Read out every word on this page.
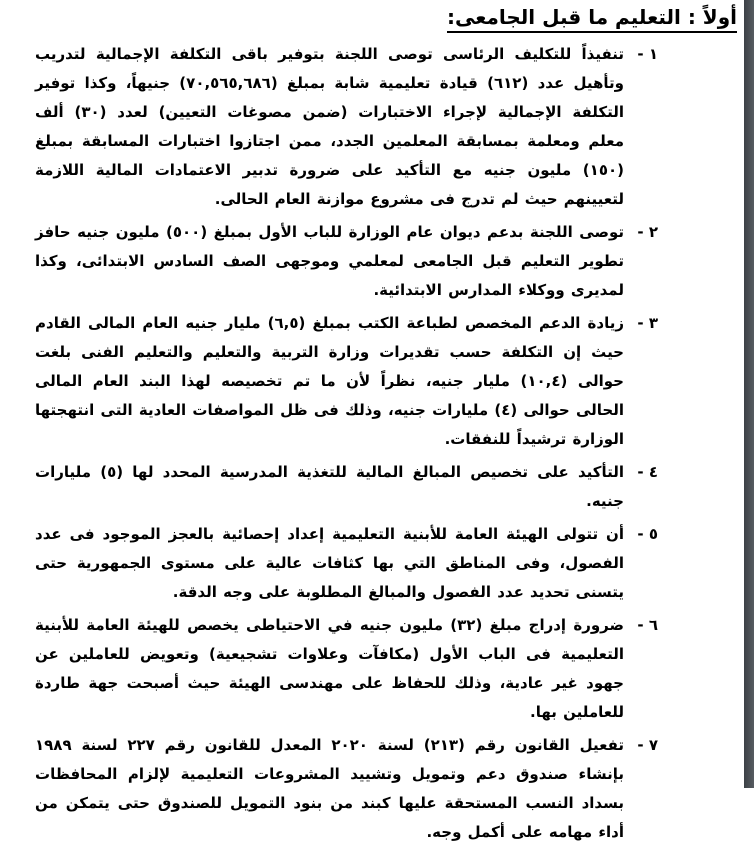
أولاً : التعليم ما قبل الجامعى:
١ -
تنفيذاً للتكليف الرئاسى توصى اللجنة بتوفير باقى التكلفة الإجمالية لتدريب وتأهيل عدد (٦١٢) قيادة تعليمية شابة بمبلغ (٧٠,٥٦٥,٦٨٦) جنيهاً، وكذا توفير التكلفة الإجمالية لإجراء الاختبارات (ضمن مصوغات التعيين) لعدد (٣٠) ألف معلم ومعلمة بمسابقة المعلمين الجدد، ممن اجتازوا اختبارات المسابقة بمبلغ (١٥٠) مليون جنيه مع التأكيد على ضرورة تدبير الاعتمادات المالية اللازمة لتعيينهم حيث لم تدرج فى مشروع موازنة العام الحالى.
٢ -
توصى اللجنة بدعم ديوان عام الوزارة للباب الأول بمبلغ (٥٠٠) مليون جنيه حافز تطوير التعليم قبل الجامعى لمعلمي وموجهى الصف السادس الابتدائى، وكذا لمديرى ووكلاء المدارس الابتدائية.
٣ -
زيادة الدعم المخصص لطباعة الكتب بمبلغ (٦,٥) مليار جنيه العام المالى القادم حيث إن التكلفة حسب تقديرات وزارة التربية والتعليم والتعليم الفنى بلغت حوالى (١٠,٤) مليار جنيه، نظراً لأن ما تم تخصيصه لهذا البند العام المالى الحالى حوالى (٤) مليارات جنيه، وذلك فى ظل المواصفات العادية التى انتهجتها الوزارة ترشيداً للنفقات.
٤ -
التأكيد على تخصيص المبالغ المالية للتغذية المدرسية المحدد لها (٥) مليارات جنيه.
٥ -
أن تتولى الهيئة العامة للأبنية التعليمية إعداد إحصائية بالعجز الموجود فى عدد الفصول، وفى المناطق التي بها كثافات عالية على مستوى الجمهورية حتى يتسنى تحديد عدد الفصول والمبالغ المطلوبة على وجه الدقة.
٦ -
ضرورة إدراج مبلغ (٣٢) مليون جنيه في الاحتياطى يخصص للهيئة العامة للأبنية التعليمية فى الباب الأول (مكافآت وعلاوات تشجيعية) وتعويض للعاملين عن جهود غير عادية، وذلك للحفاظ على مهندسى الهيئة حيث أصبحت جهة طاردة للعاملين بها.
٧ -
تفعيل القانون رقم (٢١٣) لسنة ٢٠٢٠ المعدل للقانون رقم ٢٢٧ لسنة ١٩٨٩ بإنشاء صندوق دعم وتمويل وتشييد المشروعات التعليمية لإلزام المحافظات بسداد النسب المستحقة عليها كبند من بنود التمويل للصندوق حتى يتمكن من أداء مهامه على أكمل وجه.
